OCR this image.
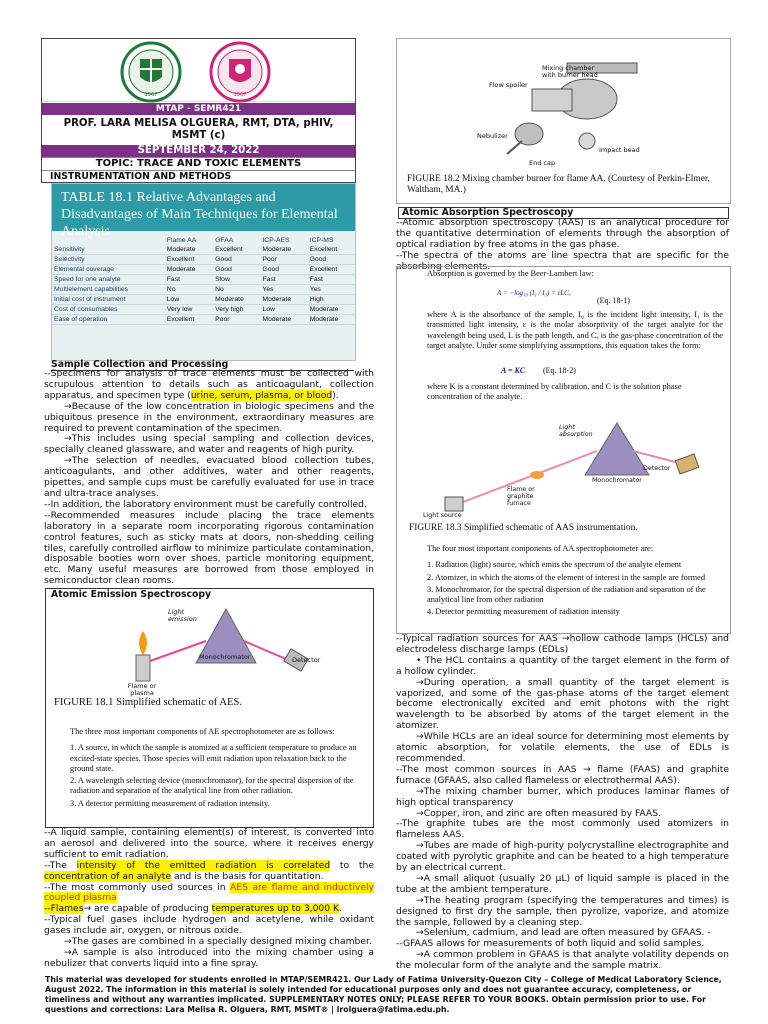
1967	1967
MTAP - SEMR421
PROF. LARA MELISA OLGUERA, RMT, DTA, pHIV, MSMT (c)
SEPTEMBER 24, 2022
TOPIC: TRACE AND TOXIC ELEMENTS
INSTRUMENTATION AND METHODS
TABLE 18.1 Relative Advantages and Disadvantages of Main Techniques for Elemental Analysis
	Flame AA	GFAA	ICP-AES	ICP-MS
Sensitivity	Moderate	Excellent	Moderate	Excellent
Selectivity	Excellent	Good	Poor	Good
Elemental coverage	Moderate	Good	Good	Excellent
Speed for one analyte	Fast	Slow	Fast	Fast
Multielement capabilities	No	No	Yes	Yes
Initial cost of instrument	Low	Moderate	Moderate	High
Cost of consumables	Very low	Very high	Low	Moderate
Ease of operation	Excellent	Poor	Moderate	Moderate
Sample Collection and Processing

--Specimens for analysis of trace elements must be collected with scrupulous attention to details such as anticoagulant, collection apparatus, and specimen type (urine, serum, plasma, or blood).

→Because of the low concentration in biologic specimens and the ubiquitous presence in the environment, extraordinary measures are required to prevent contamination of the specimen.

→This includes using special sampling and collection devices, specially cleaned glassware, and water and reagents of high purity.

→The selection of needles, evacuated blood collection tubes, anticoagulants, and other additives, water and other reagents, pipettes, and sample cups must be carefully evaluated for use in trace and ultra-trace analyses.

--In addition, the laboratory environment must be carefully controlled.

--Recommended measures include placing the trace elements laboratory in a separate room incorporating rigorous contamination control features, such as sticky mats at doors, non-shedding ceiling tiles, carefully controlled airflow to minimize particulate contamination, disposable booties worn over shoes, particle monitoring equipment, etc. Many useful measures are borrowed from those employed in semiconductor clean rooms.

Atomic Emission Spectroscopy
Light emission
Monochromator	Detector
Flame or plasma
FIGURE 18.1 Simplified schematic of AES.
The three most important components of AE spectrophotometer are as follows:
1. A source, in which the sample is atomized at a sufficient temperature to produce an excited-state species. Those species will emit radiation upon relaxation back to the ground state.
2. A wavelength selecting device (monochromator), for the spectral dispersion of the radiation and separation of the analytical line from other radiation.
3. A detector permitting measurement of radiation intensity.

--A liquid sample, containing element(s) of interest, is converted into an aerosol and delivered into the source, where it receives energy sufficient to emit radiation.

--The intensity of the emitted radiation is correlated to the concentration of an analyte and is the basis for quantitation.

--The most commonly used sources in AES are flame and inductively coupled plasma

--Flames→ are capable of producing temperatures up to 3,000 K.

--Typical fuel gases include hydrogen and acetylene, while oxidant gases include air, oxygen, or nitrous oxide.

→The gases are combined in a specially designed mixing chamber.

→A sample is also introduced into the mixing chamber using a nebulizer that converts liquid into a fine spray.

Mixing chamber with burner head
Flow spoiler
Nebulizer
Impact bead
End cap
FIGURE 18.2 Mixing chamber burner for flame AA. (Courtesy of Perkin-Elmer, Waltham, MA.)
Atomic Absorption Spectroscopy

--Atomic absorption spectroscopy (AAS) is an analytical procedure for the quantitative determination of elements through the absorption of optical radiation by free atoms in the gas phase.

--The spectra of the atoms are line spectra that are specific for the absorbing elements.

Absorption is governed by the Beer-Lambert law:
A = −log₁₀ (I₁ / I₀) = εLCₑ
(Eq. 18-1)
where A is the absorbance of the sample, I₀ is the incident light intensity, I₁ is the transmitted light intensity, ε is the molar absorptivity of the target analyte for the wavelength being used, L is the path length, and Cₑ is the gas-phase concentration of the target analyte. Under some simplifying assumptions, this equation takes the form:
A = KC (Eq. 18-2)
where K is a constant determined by calibration, and C is the solution phase concentration of the analyte.
Light absorption
Monochromator
Detector
Flame or graphite furnace
Light source
FIGURE 18.3 Simplified schematic of AAS instrumentation.
The four most important components of AA spectrophotometer are:
1. Radiation (light) source, which emits the spectrum of the analyte element
2. Atomizer, in which the atoms of the element of interest in the sample are formed
3. Monochromator, for the spectral dispersion of the radiation and separation of the analytical line from other radiation
4. Detector permitting measurement of radiation intensity

--Typical radiation sources for AAS →hollow cathode lamps (HCLs) and electrodeless discharge lamps (EDLs)

• The HCL contains a quantity of the target element in the form of a hollow cylinder.

→During operation, a small quantity of the target element is vaporized, and some of the gas-phase atoms of the target element become electronically excited and emit photons with the right wavelength to be absorbed by atoms of the target element in the atomizer.

→While HCLs are an ideal source for determining most elements by atomic absorption, for volatile elements, the use of EDLs is recommended.

--The most common sources in AAS → flame (FAAS) and graphite furnace (GFAAS, also called flameless or electrothermal AAS).

→The mixing chamber burner, which produces laminar flames of high optical transparency

→Copper, iron, and zinc are often measured by FAAS.

--The graphite tubes are the most commonly used atomizers in flameless AAS.

→Tubes are made of high-purity polycrystalline electrographite and coated with pyrolytic graphite and can be heated to a high temperature by an electrical current.

→A small aliquot (usually 20 μL) of liquid sample is placed in the tube at the ambient temperature.

→The heating program (specifying the temperatures and times) is designed to first dry the sample, then pyrolize, vaporize, and atomize the sample, followed by a cleaning step.

→Selenium, cadmium, and lead are often measured by GFAAS. -

--GFAAS allows for measurements of both liquid and solid samples.

→A common problem in GFAAS is that analyte volatility depends on the molecular form of the analyte and the sample matrix.

This material was developed for students enrolled in MTAP/SEMR421. Our Lady of Fatima University-Quezon City – College of Medical Laboratory Science, August 2022. The information in this material is solely intended for educational purposes only and does not guarantee accuracy, completeness, or timeliness and without any warranties implicated. SUPPLEMENTARY NOTES ONLY; PLEASE REFER TO YOUR BOOKS. Obtain permission prior to use. For questions and corrections: Lara Melisa R. Olguera, RMT, MSMT® | lrolguera@fatima.edu.ph.
